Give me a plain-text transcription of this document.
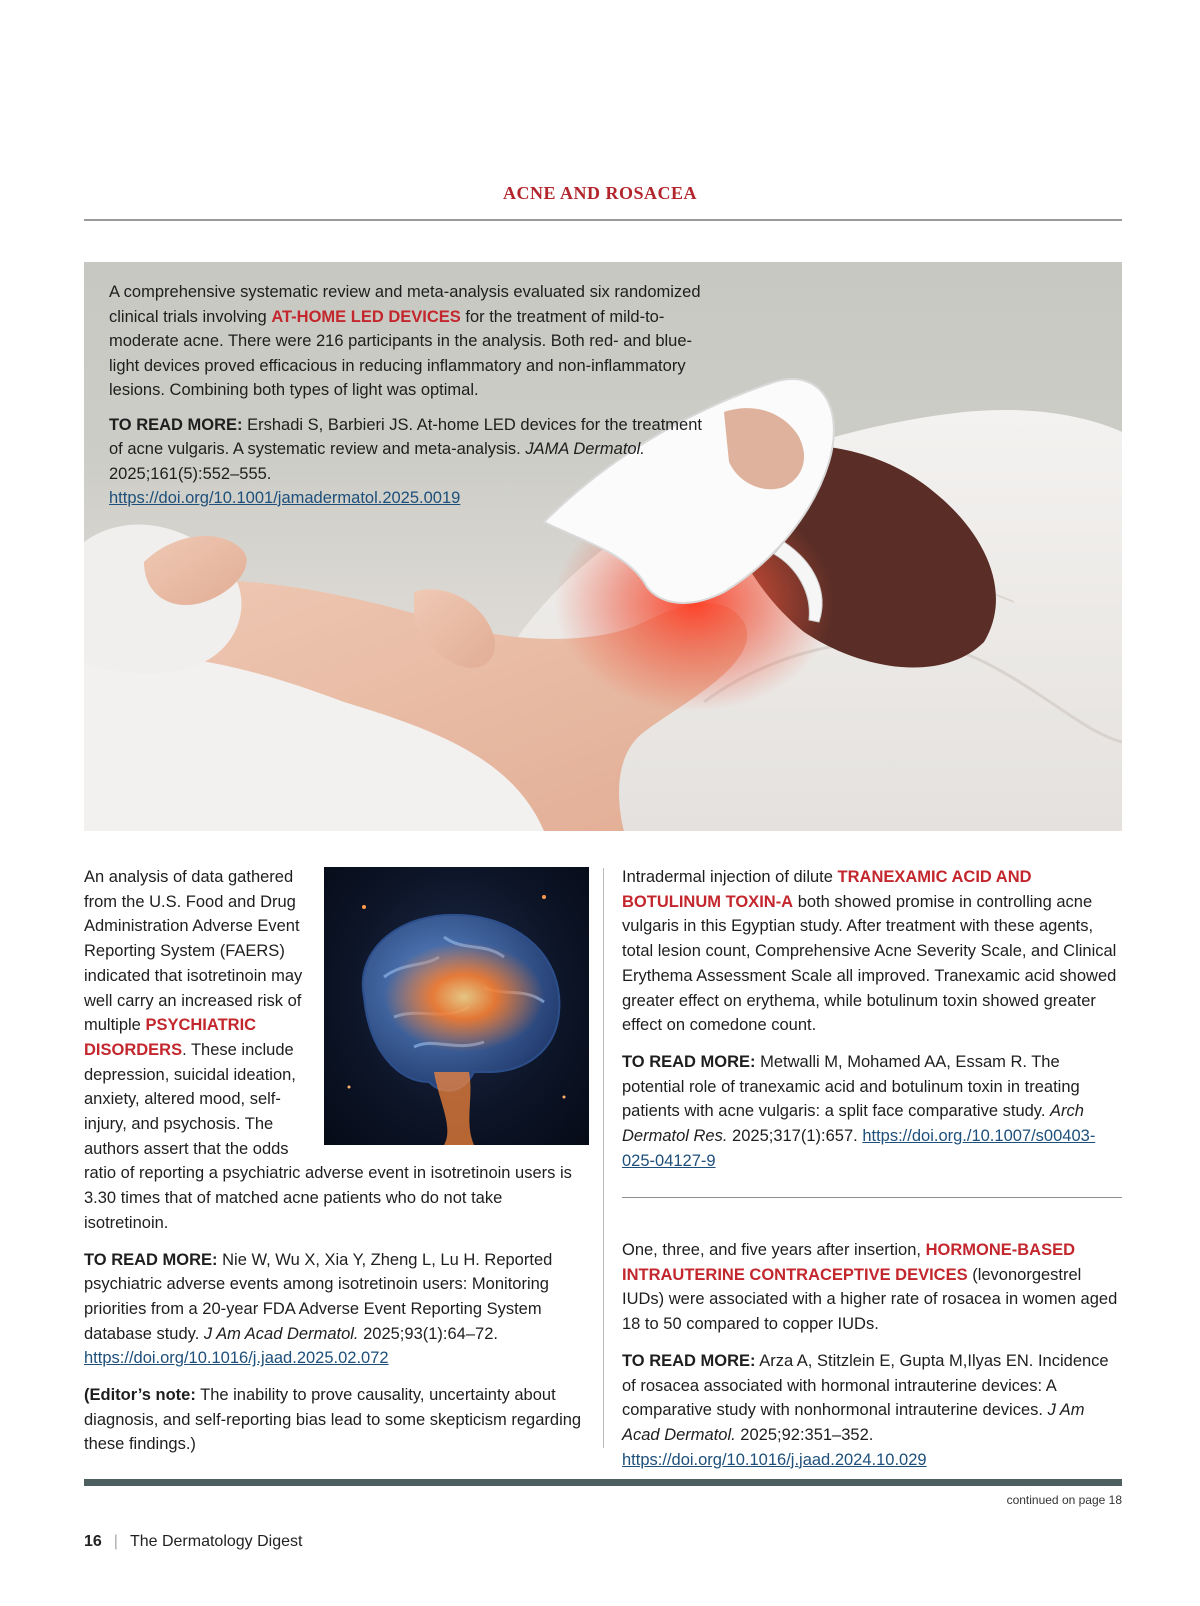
ACNE AND ROSACEA

A comprehensive systematic review and meta-analysis evaluated six randomized clinical trials involving AT-HOME LED DEVICES for the treatment of mild-to-moderate acne. There were 216 participants in the analysis. Both red- and blue-light devices proved efficacious in reducing inflammatory and non-inflammatory lesions. Combining both types of light was optimal.

TO READ MORE: Ershadi S, Barbieri JS. At-home LED devices for the treatment of acne vulgaris. A systematic review and meta-analysis. JAMA Dermatol. 2025;161(5):552–555.
https://doi.org/10.1001/jamadermatol.2025.0019

An analysis of data gathered from the U.S. Food and Drug Administration Adverse Event Reporting System (FAERS) indicated that isotretinoin may well carry an increased risk of multiple PSYCHIATRIC DISORDERS. These include depression, suicidal ideation, anxiety, altered mood, self-injury, and psychosis. The authors assert that the odds ratio of reporting a psychiatric adverse event in isotretinoin users is 3.30 times that of matched acne patients who do not take isotretinoin.

TO READ MORE: Nie W, Wu X, Xia Y, Zheng L, Lu H. Reported psychiatric adverse events among isotretinoin users: Monitoring priorities from a 20-year FDA Adverse Event Reporting System database study. J Am Acad Dermatol. 2025;93(1):64–72.
https://doi.org/10.1016/j.jaad.2025.02.072

(Editor’s note: The inability to prove causality, uncertainty about diagnosis, and self-reporting bias lead to some skepticism regarding these findings.)

Intradermal injection of dilute TRANEXAMIC ACID AND BOTULINUM TOXIN-A both showed promise in controlling acne vulgaris in this Egyptian study. After treatment with these agents, total lesion count, Comprehensive Acne Severity Scale, and Clinical Erythema Assessment Scale all improved. Tranexamic acid showed greater effect on erythema, while botulinum toxin showed greater effect on comedone count.

TO READ MORE: Metwalli M, Mohamed AA, Essam R. The potential role of tranexamic acid and botulinum toxin in treating patients with acne vulgaris: a split face comparative study. Arch Dermatol Res. 2025;317(1):657. https://doi.org./10.1007/s00403-025-04127-9

One, three, and five years after insertion, HORMONE-BASED INTRAUTERINE CONTRACEPTIVE DEVICES (levonorgestrel IUDs) were associated with a higher rate of rosacea in women aged 18 to 50 compared to copper IUDs.

TO READ MORE: Arza A, Stitzlein E, Gupta M,Ilyas EN. Incidence of rosacea associated with hormonal intrauterine devices: A comparative study with nonhormonal intrauterine devices. J Am Acad Dermatol. 2025;92:351–352. https://doi.org/10.1016/j.jaad.2024.10.029

continued on page 18
16 | The Dermatology Digest
